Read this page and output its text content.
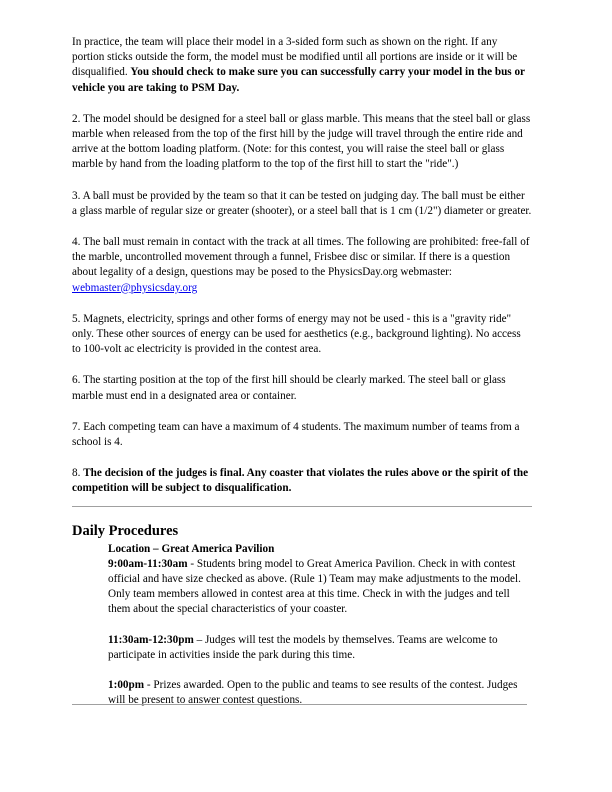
In practice, the team will place their model in a 3-sided form such as shown on the right. If any portion sticks outside the form, the model must be modified until all portions are inside or it will be disqualified. You should check to make sure you can successfully carry your model in the bus or vehicle you are taking to PSM Day.

2. The model should be designed for a steel ball or glass marble. This means that the steel ball or glass marble when released from the top of the first hill by the judge will travel through the entire ride and arrive at the bottom loading platform. (Note: for this contest, you will raise the steel ball or glass marble by hand from the loading platform to the top of the first hill to start the "ride".)

3. A ball must be provided by the team so that it can be tested on judging day. The ball must be either a glass marble of regular size or greater (shooter), or a steel ball that is 1 cm (1/2") diameter or greater.

4. The ball must remain in contact with the track at all times. The following are prohibited: free-fall of the marble, uncontrolled movement through a funnel, Frisbee disc or similar. If there is a question about legality of a design, questions may be posed to the PhysicsDay.org webmaster: webmaster@physicsday.org

5. Magnets, electricity, springs and other forms of energy may not be used - this is a "gravity ride" only. These other sources of energy can be used for aesthetics (e.g., background lighting). No access to 100-volt ac electricity is provided in the contest area.

6. The starting position at the top of the first hill should be clearly marked. The steel ball or glass marble must end in a designated area or container.

7. Each competing team can have a maximum of 4 students. The maximum number of teams from a school is 4.

8. The decision of the judges is final. Any coaster that violates the rules above or the spirit of the competition will be subject to disqualification.

Daily Procedures
Location – Great America Pavilion

9:00am-11:30am - Students bring model to Great America Pavilion. Check in with contest official and have size checked as above. (Rule 1) Team may make adjustments to the model. Only team members allowed in contest area at this time. Check in with the judges and tell them about the special characteristics of your coaster.

11:30am-12:30pm – Judges will test the models by themselves. Teams are welcome to participate in activities inside the park during this time.

1:00pm - Prizes awarded. Open to the public and teams to see results of the contest. Judges will be present to answer contest questions.
